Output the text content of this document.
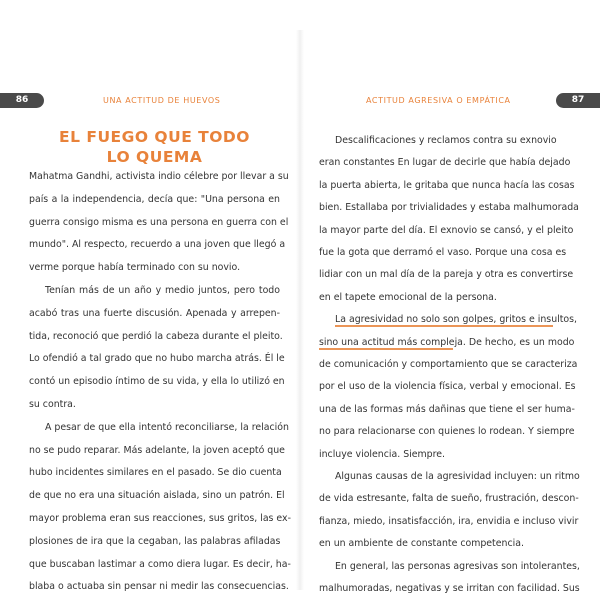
86	UNA ACTITUD DE HUEVOS	ACTITUD AGRESIVA O EMPÁTICA	87
EL FUEGO QUE TODO
LO QUEMA
Mahatma Gandhi, activista indio célebre por llevar a su
país a la independencia, decía que: "Una persona en
guerra consigo misma es una persona en guerra con el
mundo". Al respecto, recuerdo a una joven que llegó a
verme porque había terminado con su novio.
Tenían más de un año y medio juntos, pero todo
acabó tras una fuerte discusión. Apenada y arrepen-
tida, reconoció que perdió la cabeza durante el pleito.
Lo ofendió a tal grado que no hubo marcha atrás. Él le
contó un episodio íntimo de su vida, y ella lo utilizó en
su contra.
A pesar de que ella intentó reconciliarse, la relación
no se pudo reparar. Más adelante, la joven aceptó que
hubo incidentes similares en el pasado. Se dio cuenta
de que no era una situación aislada, sino un patrón. El
mayor problema eran sus reacciones, sus gritos, las ex-
plosiones de ira que la cegaban, las palabras afiladas
que buscaban lastimar a como diera lugar. Es decir, ha-
blaba o actuaba sin pensar ni medir las consecuencias.
Descalificaciones y reclamos contra su exnovio
eran constantes En lugar de decirle que había dejado
la puerta abierta, le gritaba que nunca hacía las cosas
bien. Estallaba por trivialidades y estaba malhumorada
la mayor parte del día. El exnovio se cansó, y el pleito
fue la gota que derramó el vaso. Porque una cosa es
lidiar con un mal día de la pareja y otra es convertirse
en el tapete emocional de la persona.
La agresividad no solo son golpes, gritos e insultos,
sino una actitud más compleja. De hecho, es un modo
de comunicación y comportamiento que se caracteriza
por el uso de la violencia física, verbal y emocional. Es
una de las formas más dañinas que tiene el ser huma-
no para relacionarse con quienes lo rodean. Y siempre
incluye violencia. Siempre.
Algunas causas de la agresividad incluyen: un ritmo
de vida estresante, falta de sueño, frustración, descon-
fianza, miedo, insatisfacción, ira, envidia e incluso vivir
en un ambiente de constante competencia.
En general, las personas agresivas son intolerantes,
malhumoradas, negativas y se irritan con facilidad. Sus
